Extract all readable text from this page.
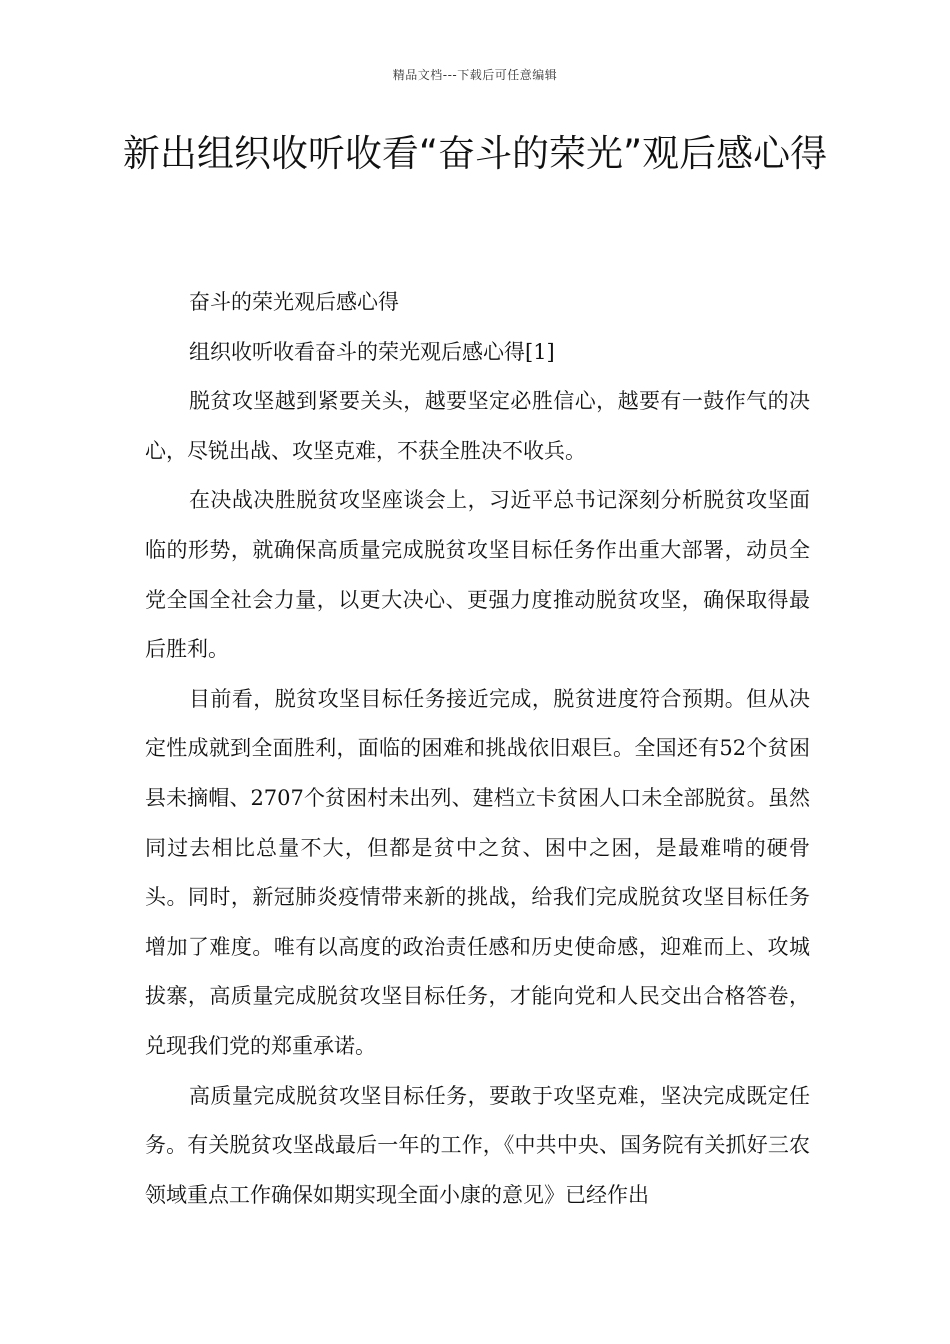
精品文档---下载后可任意编辑
新出组织收听收看“奋斗的荣光”观后感心得

奋斗的荣光观后感心得

组织收听收看奋斗的荣光观后感心得[1]

脱贫攻坚越到紧要关头，越要坚定必胜信心，越要有一鼓作气的决心，尽锐出战、攻坚克难，不获全胜决不收兵。

在决战决胜脱贫攻坚座谈会上，习近平总书记深刻分析脱贫攻坚面临的形势，就确保高质量完成脱贫攻坚目标任务作出重大部署，动员全党全国全社会力量，以更大决心、更强力度推动脱贫攻坚，确保取得最后胜利。

目前看，脱贫攻坚目标任务接近完成，脱贫进度符合预期。但从决定性成就到全面胜利，面临的困难和挑战依旧艰巨。全国还有52个贫困县未摘帽、2707个贫困村未出列、建档立卡贫困人口未全部脱贫。虽然同过去相比总量不大，但都是贫中之贫、困中之困，是最难啃的硬骨头。同时，新冠肺炎疫情带来新的挑战，给我们完成脱贫攻坚目标任务增加了难度。唯有以高度的政治责任感和历史使命感，迎难而上、攻城拔寨，高质量完成脱贫攻坚目标任务，才能向党和人民交出合格答卷，兑现我们党的郑重承诺。

高质量完成脱贫攻坚目标任务，要敢于攻坚克难，坚决完成既定任务。有关脱贫攻坚战最后一年的工作，《中共中央、国务院有关抓好三农领域重点工作确保如期实现全面小康的意见》已经作出
